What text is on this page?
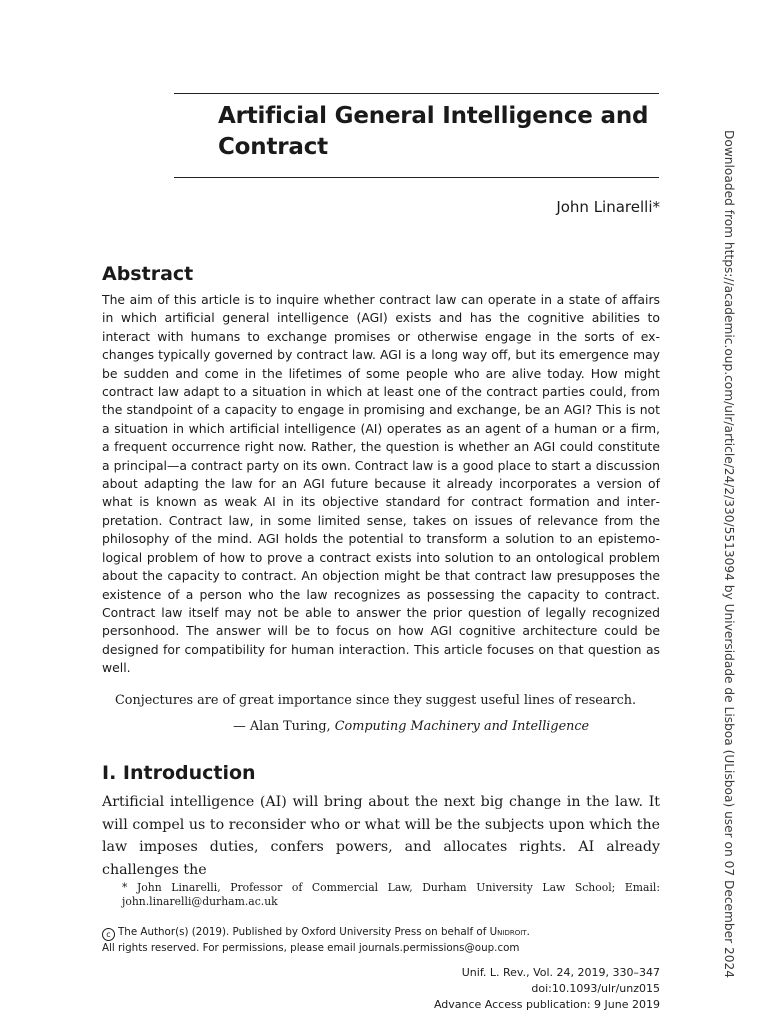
Artificial General Intelligence and
Contract
John Linarelli*
Abstract
The aim of this article is to inquire whether contract law can operate in a state of affairs in which artificial general intelligence (AGI) exists and has the cognitive abilities to interact with humans to exchange promises or otherwise engage in the sorts of exchanges typically governed by contract law. AGI is a long way off, but its emergence may be sudden and come in the lifetimes of some people who are alive today. How might contract law adapt to a situation in which at least one of the contract parties could, from the standpoint of a capacity to engage in promising and exchange, be an AGI? This is not a situation in which artificial intelligence (AI) operates as an agent of a human or a firm, a frequent occurrence right now. Rather, the question is whether an AGI could constitute a principal—a contract party on its own. Contract law is a good place to start a discussion about adapting the law for an AGI future because it already incorporates a version of what is known as weak AI in its objective standard for contract formation and interpretation. Contract law, in some limited sense, takes on issues of relevance from the philosophy of the mind. AGI holds the potential to transform a solution to an epistemological problem of how to prove a contract exists into solution to an ontological problem about the capacity to contract. An objection might be that contract law presupposes the existence of a person who the law recognizes as possessing the capacity to contract. Contract law itself may not be able to answer the prior question of legally recognized personhood. The answer will be to focus on how AGI cognitive architecture could be designed for compatibility for human interaction. This article focuses on that question as well.
Conjectures are of great importance since they suggest useful lines of research.
— Alan Turing, Computing Machinery and Intelligence
I. Introduction
Artificial intelligence (AI) will bring about the next big change in the law. It will compel us to reconsider who or what will be the subjects upon which the law imposes duties, confers powers, and allocates rights. AI already challenges the
* John Linarelli, Professor of Commercial Law, Durham University Law School; Email: john.linarelli@durham.ac.uk
c The Author(s) (2019). Published by Oxford University Press on behalf of Unidroit.
All rights reserved. For permissions, please email journals.permissions@oup.com
Unif. L. Rev., Vol. 24, 2019, 330–347
doi:10.1093/ulr/unz015
Advance Access publication: 9 June 2019
Downloaded from https://academic.oup.com/ulr/article/24/2/330/5513094 by Universidade de Lisboa (ULisboa) user on 07 December 2024
